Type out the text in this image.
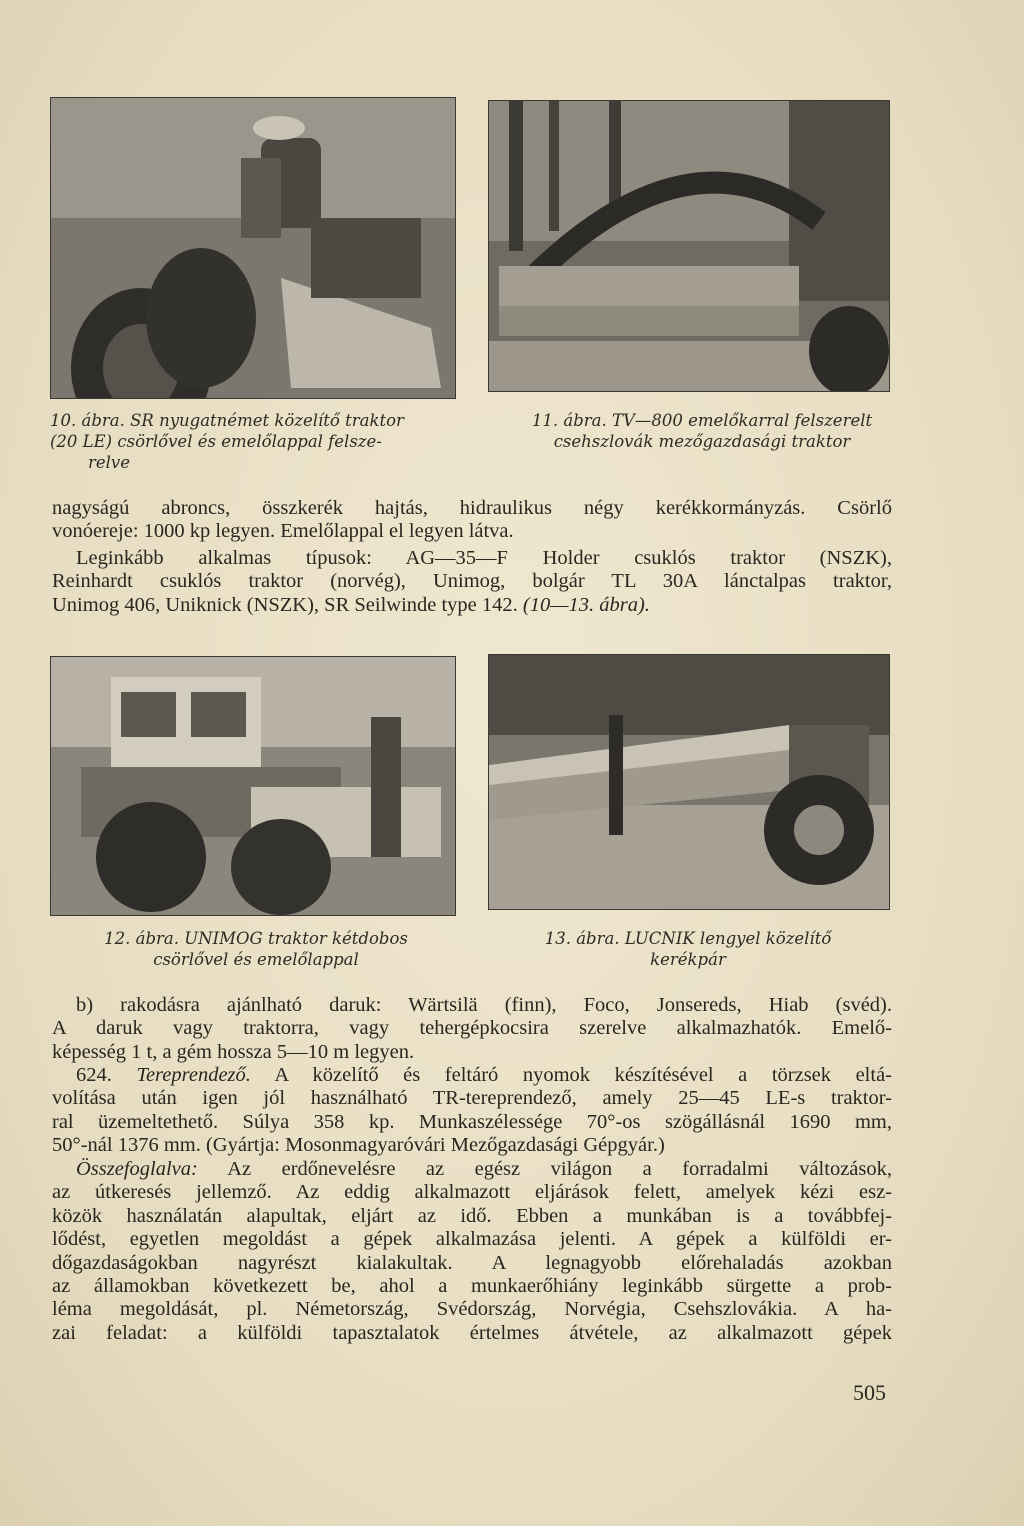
10. ábra. SR nyugatnémet közelítő traktor
(20 LE) csörlővel és emelőlappal felsze-
relve
11. ábra. TV—800 emelőkarral felszerelt
csehszlovák mezőgazdasági traktor
nagyságú abroncs, összkerék hajtás, hidraulikus négy kerékkormányzás. Csörlő
vonóereje: 1000 kp legyen. Emelőlappal el legyen látva.
Leginkább alkalmas típusok: AG—35—F Holder csuklós traktor (NSZK),
Reinhardt csuklós traktor (norvég), Unimog, bolgár TL 30A lánctalpas traktor,
Unimog 406, Uniknick (NSZK), SR Seilwinde type 142. (10—13. ábra).
12. ábra. UNIMOG traktor kétdobos
csörlővel és emelőlappal
13. ábra. LUCNIK lengyel közelítő
kerékpár
b) rakodásra ajánlható daruk: Wärtsilä (finn), Foco, Jonsereds, Hiab (svéd).
A daruk vagy traktorra, vagy tehergépkocsira szerelve alkalmazhatók. Emelő-
képesség 1 t, a gém hossza 5—10 m legyen.
624. Tereprendező. A közelítő és feltáró nyomok készítésével a törzsek eltá-
volítása után igen jól használható TR-tereprendező, amely 25—45 LE-s traktor-
ral üzemeltethető. Súlya 358 kp. Munkaszélessége 70°-os szögállásnál 1690 mm,
50°-nál 1376 mm. (Gyártja: Mosonmagyaróvári Mezőgazdasági Gépgyár.)
Összefoglalva: Az erdőnevelésre az egész világon a forradalmi változások,
az útkeresés jellemző. Az eddig alkalmazott eljárások felett, amelyek kézi esz-
közök használatán alapultak, eljárt az idő. Ebben a munkában is a továbbfej-
lődést, egyetlen megoldást a gépek alkalmazása jelenti. A gépek a külföldi er-
dőgazdaságokban nagyrészt kialakultak. A legnagyobb előrehaladás azokban
az államokban következett be, ahol a munkaerőhiány leginkább sürgette a prob-
léma megoldását, pl. Németország, Svédország, Norvégia, Csehszlovákia. A ha-
zai feladat: a külföldi tapasztalatok értelmes átvétele, az alkalmazott gépek
505
